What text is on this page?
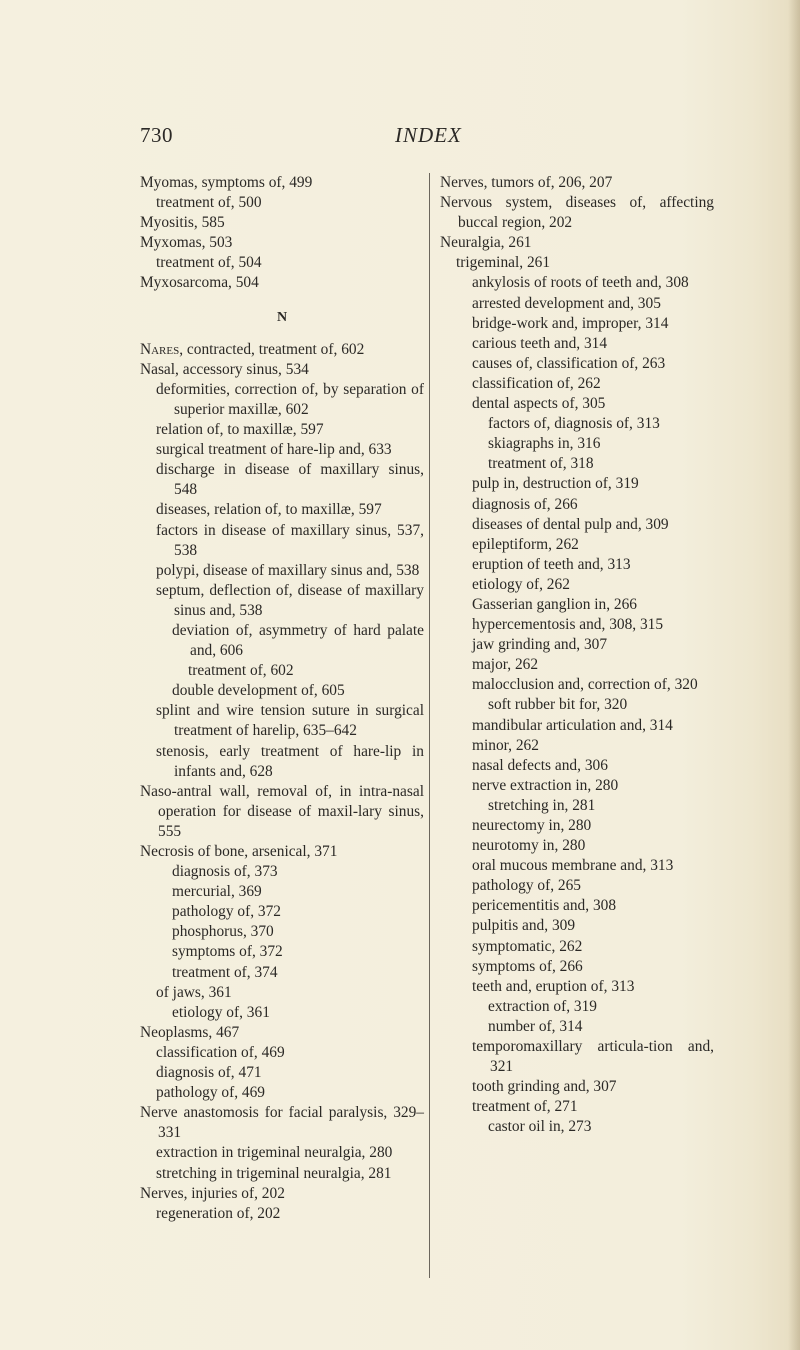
730	INDEX

Myomas, symptoms of, 499

treatment of, 500

Myositis, 585

Myxomas, 503

treatment of, 504

Myxosarcoma, 504

N

Nares, contracted, treatment of, 602

Nasal, accessory sinus, 534

deformities, correction of, by separation of superior maxillæ, 602

relation of, to maxillæ, 597

surgical treatment of hare-lip and, 633

discharge in disease of maxillary sinus, 548

diseases, relation of, to maxillæ, 597

factors in disease of maxillary sinus, 537, 538

polypi, disease of maxillary sinus and, 538

septum, deflection of, disease of maxillary sinus and, 538

deviation of, asymmetry of hard palate and, 606

treatment of, 602

double development of, 605

splint and wire tension suture in surgical treatment of harelip, 635–642

stenosis, early treatment of hare-lip in infants and, 628

Naso-antral wall, removal of, in intra-nasal operation for disease of maxil-lary sinus, 555

Necrosis of bone, arsenical, 371

diagnosis of, 373

mercurial, 369

pathology of, 372

phosphorus, 370

symptoms of, 372

treatment of, 374

of jaws, 361

etiology of, 361

Neoplasms, 467

classification of, 469

diagnosis of, 471

pathology of, 469

Nerve anastomosis for facial paralysis, 329–331

extraction in trigeminal neuralgia, 280

stretching in trigeminal neuralgia, 281

Nerves, injuries of, 202

regeneration of, 202

Nerves, tumors of, 206, 207

Nervous system, diseases of, affecting buccal region, 202

Neuralgia, 261

trigeminal, 261

ankylosis of roots of teeth and, 308

arrested development and, 305

bridge-work and, improper, 314

carious teeth and, 314

causes of, classification of, 263

classification of, 262

dental aspects of, 305

factors of, diagnosis of, 313

skiagraphs in, 316

treatment of, 318

pulp in, destruction of, 319

diagnosis of, 266

diseases of dental pulp and, 309

epileptiform, 262

eruption of teeth and, 313

etiology of, 262

Gasserian ganglion in, 266

hypercementosis and, 308, 315

jaw grinding and, 307

major, 262

malocclusion and, correction of, 320

soft rubber bit for, 320

mandibular articulation and, 314

minor, 262

nasal defects and, 306

nerve extraction in, 280

stretching in, 281

neurectomy in, 280

neurotomy in, 280

oral mucous membrane and, 313

pathology of, 265

pericementitis and, 308

pulpitis and, 309

symptomatic, 262

symptoms of, 266

teeth and, eruption of, 313

extraction of, 319

number of, 314

temporomaxillary articula-tion and, 321

tooth grinding and, 307

treatment of, 271

castor oil in, 273
